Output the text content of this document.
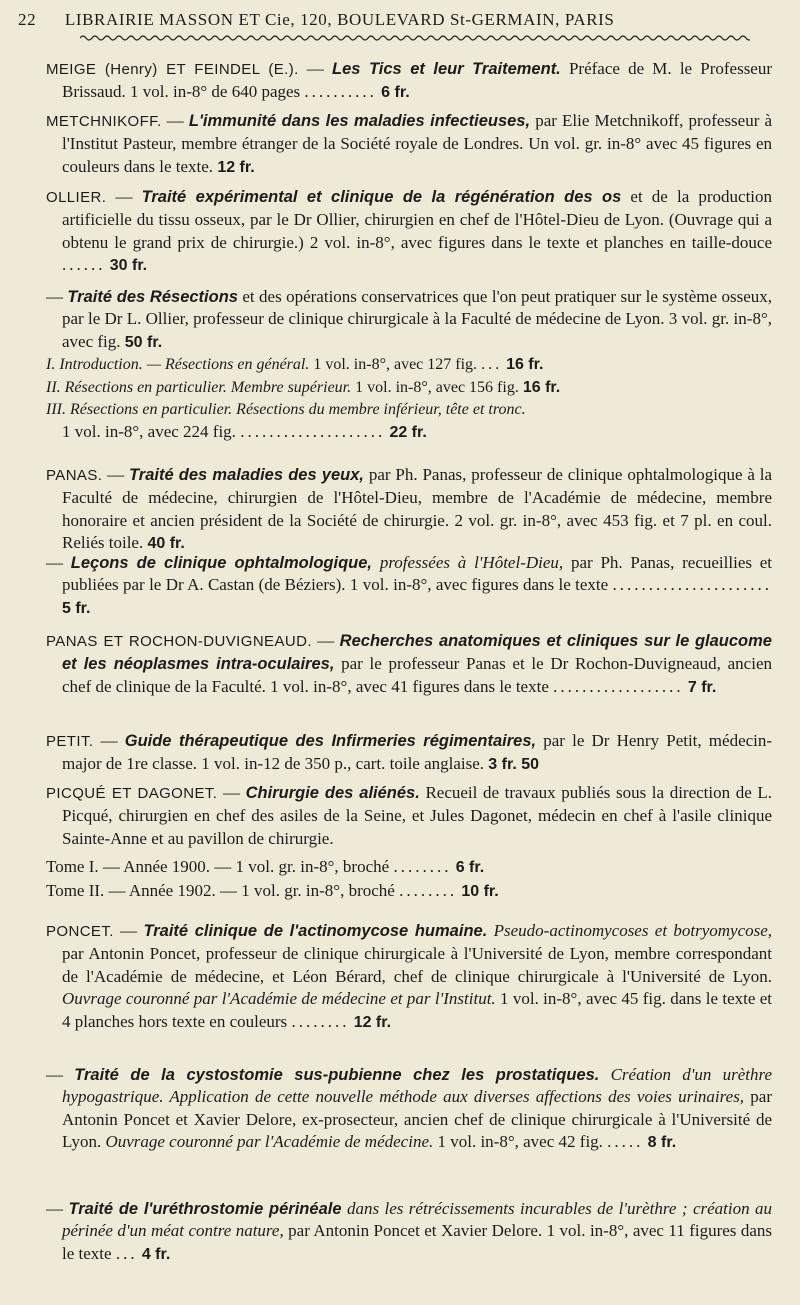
22 LIBRAIRIE MASSON ET Cie, 120, BOULEVARD St-GERMAIN, PARIS

MEIGE (Henry) ET FEINDEL (E.). — Les Tics et leur Traitement. Préface de M. le Professeur Brissaud. 1 vol. in-8° de 640 pages .......... 6 fr.

METCHNIKOFF. — L'immunité dans les maladies infectieuses, par Elie Metchnikoff, professeur à l'Institut Pasteur, membre étranger de la Société royale de Londres. Un vol. gr. in-8° avec 45 figures en couleurs dans le texte. 12 fr.

OLLIER. — Traité expérimental et clinique de la régénération des os et de la production artificielle du tissu osseux, par le Dr Ollier, chirurgien en chef de l'Hôtel-Dieu de Lyon. (Ouvrage qui a obtenu le grand prix de chirurgie.) 2 vol. in-8°, avec figures dans le texte et planches en taille-douce ...... 30 fr.

— Traité des Résections et des opérations conservatrices que l'on peut pratiquer sur le système osseux, par le Dr L. Ollier, professeur de clinique chirurgicale à la Faculté de médecine de Lyon. 3 vol. gr. in-8°, avec fig. 50 fr.

I. Introduction. — Résections en général. 1 vol. in-8°, avec 127 fig. ... 16 fr.

II. Résections en particulier. Membre supérieur. 1 vol. in-8°, avec 156 fig. 16 fr.

III. Résections en particulier. Résections du membre inférieur, tête et tronc.

1 vol. in-8°, avec 224 fig. .................... 22 fr.

PANAS. — Traité des maladies des yeux, par Ph. Panas, professeur de clinique ophtalmologique à la Faculté de médecine, chirurgien de l'Hôtel-Dieu, membre de l'Académie de médecine, membre honoraire et ancien président de la Société de chirurgie. 2 vol. gr. in-8°, avec 453 fig. et 7 pl. en coul. Reliés toile. 40 fr.

— Leçons de clinique ophtalmologique, professées à l'Hôtel-Dieu, par Ph. Panas, recueillies et publiées par le Dr A. Castan (de Béziers). 1 vol. in-8°, avec figures dans le texte ...................... 5 fr.

PANAS ET ROCHON-DUVIGNEAUD. — Recherches anatomiques et cliniques sur le glaucome et les néoplasmes intra-oculaires, par le professeur Panas et le Dr Rochon-Duvigneaud, ancien chef de clinique de la Faculté. 1 vol. in-8°, avec 41 figures dans le texte .................. 7 fr.

PETIT. — Guide thérapeutique des Infirmeries régimentaires, par le Dr Henry Petit, médecin-major de 1re classe. 1 vol. in-12 de 350 p., cart. toile anglaise. 3 fr. 50

PICQUÉ ET DAGONET. — Chirurgie des aliénés. Recueil de travaux publiés sous la direction de L. Picqué, chirurgien en chef des asiles de la Seine, et Jules Dagonet, médecin en chef à l'asile clinique Sainte-Anne et au pavillon de chirurgie.

Tome I. — Année 1900. — 1 vol. gr. in-8°, broché ........ 6 fr.

Tome II. — Année 1902. — 1 vol. gr. in-8°, broché ........ 10 fr.

PONCET. — Traité clinique de l'actinomycose humaine. Pseudo-actinomycoses et botryomycose, par Antonin Poncet, professeur de clinique chirurgicale à l'Université de Lyon, membre correspondant de l'Académie de médecine, et Léon Bérard, chef de clinique chirurgicale à l'Université de Lyon. Ouvrage couronné par l'Académie de médecine et par l'Institut. 1 vol. in-8°, avec 45 fig. dans le texte et 4 planches hors texte en couleurs ........ 12 fr.

— Traité de la cystostomie sus-pubienne chez les prostatiques. Création d'un urèthre hypogastrique. Application de cette nouvelle méthode aux diverses affections des voies urinaires, par Antonin Poncet et Xavier Delore, ex-prosecteur, ancien chef de clinique chirurgicale à l'Université de Lyon. Ouvrage couronné par l'Académie de médecine. 1 vol. in-8°, avec 42 fig. ..... 8 fr.

— Traité de l'uréthrostomie périnéale dans les rétrécissements incurables de l'urèthre ; création au périnée d'un méat contre nature, par Antonin Poncet et Xavier Delore. 1 vol. in-8°, avec 11 figures dans le texte ... 4 fr.
